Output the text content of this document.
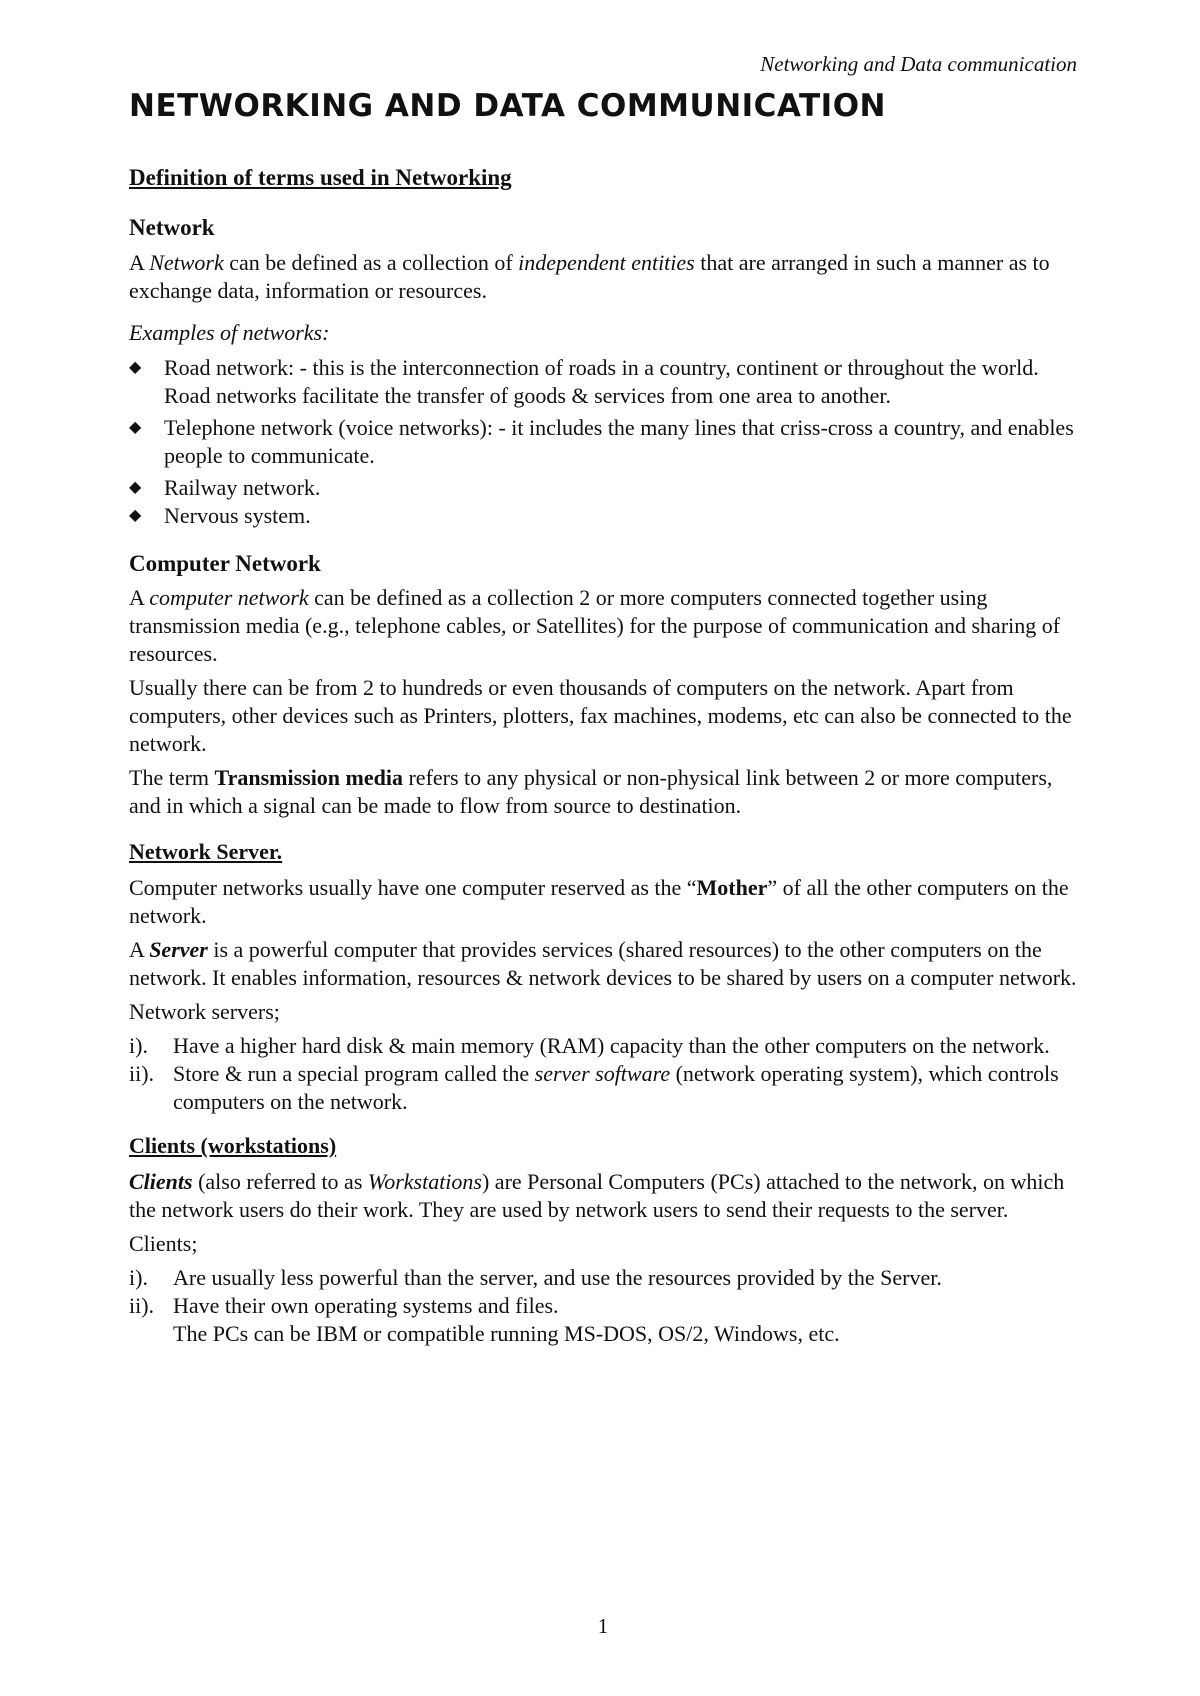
Networking and Data communication
NETWORKING AND DATA COMMUNICATION

Definition of terms used in Networking

Network

A Network can be defined as a collection of independent entities that are arranged in such a manner as to exchange data, information or resources.

Examples of networks:

◆ Road network: - this is the interconnection of roads in a country, continent or throughout the world. Road networks facilitate the transfer of goods & services from one area to another.
◆ Telephone network (voice networks): - it includes the many lines that criss-cross a country, and enables people to communicate.
◆ Railway network.
◆ Nervous system.

Computer Network

A computer network can be defined as a collection 2 or more computers connected together using transmission media (e.g., telephone cables, or Satellites) for the purpose of communication and sharing of resources.

Usually there can be from 2 to hundreds or even thousands of computers on the network. Apart from computers, other devices such as Printers, plotters, fax machines, modems, etc can also be connected to the network.

The term Transmission media refers to any physical or non-physical link between 2 or more computers, and in which a signal can be made to flow from source to destination.

Network Server.

Computer networks usually have one computer reserved as the “Mother” of all the other computers on the network.

A Server is a powerful computer that provides services (shared resources) to the other computers on the network. It enables information, resources & network devices to be shared by users on a computer network.

Network servers;

i). Have a higher hard disk & main memory (RAM) capacity than the other computers on the network.
ii). Store & run a special program called the server software (network operating system), which controls computers on the network.

Clients (workstations)

Clients (also referred to as Workstations) are Personal Computers (PCs) attached to the network, on which the network users do their work. They are used by network users to send their requests to the server.

Clients;

i). Are usually less powerful than the server, and use the resources provided by the Server.
ii). Have their own operating systems and files.
The PCs can be IBM or compatible running MS-DOS, OS/2, Windows, etc.
1
